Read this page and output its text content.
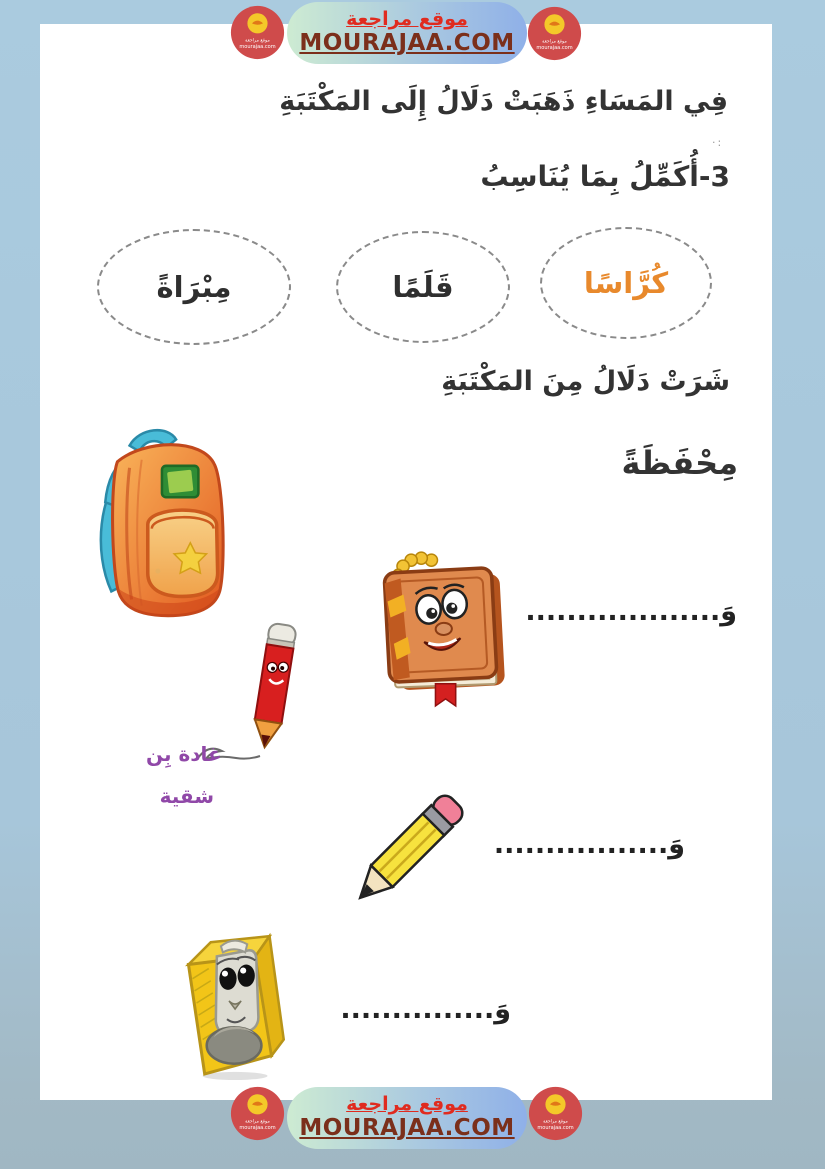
موقع مراجعة
MOURAJAA.COM
موقع مراجعة
mourajaa.com
موقع مراجعة
mourajaa.com
فِي المَسَاءِ ذَهَبَتْ دَلَالُ إِلَى المَكْتَبَةِ
·:
3-أُكَمِّلُ بِمَا يُنَاسِبُ
كُرَّاسًا
قَلَمًا
مِبْرَاةً
شَرَتْ دَلَالُ مِنَ المَكْتَبَةِ
مِحْفَظَةً
غادة بِن
شقية
وَ...................
وَ.................
وَ...............
موقع مراجعة
MOURAJAA.COM
موقع مراجعة
mourajaa.com
موقع مراجعة
mourajaa.com
